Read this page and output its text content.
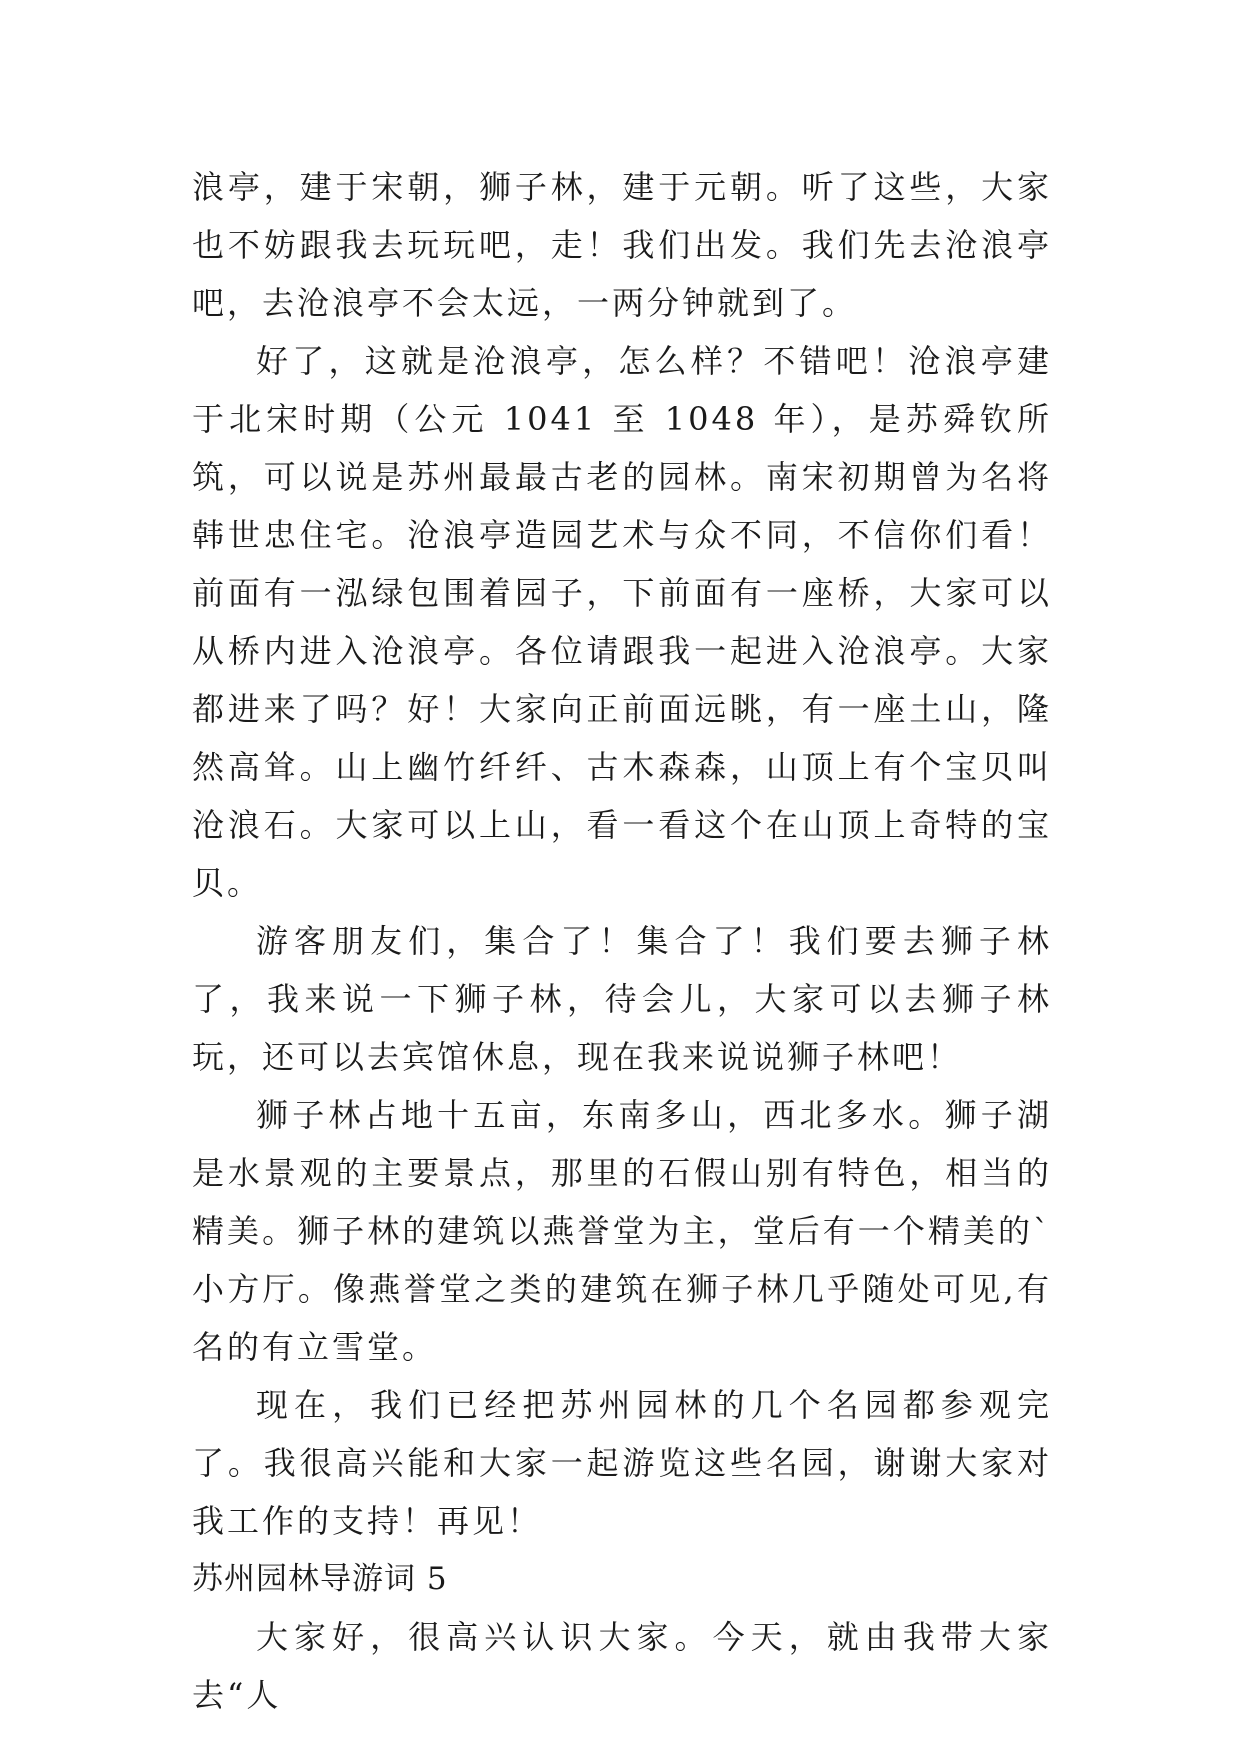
浪亭，建于宋朝，狮子林，建于元朝。听了这些，大家也不妨跟我去玩玩吧，走！我们出发。我们先去沧浪亭吧，去沧浪亭不会太远，一两分钟就到了。

好了，这就是沧浪亭，怎么样？不错吧！沧浪亭建于北宋时期（公元 1041 至 1048 年），是苏舜钦所筑，可以说是苏州最最古老的园林。南宋初期曾为名将韩世忠住宅。沧浪亭造园艺术与众不同，不信你们看！前面有一泓绿包围着园子，下前面有一座桥，大家可以从桥内进入沧浪亭。各位请跟我一起进入沧浪亭。大家都进来了吗？好！大家向正前面远眺，有一座土山，隆然高耸。山上幽竹纤纤、古木森森，山顶上有个宝贝叫沧浪石。大家可以上山，看一看这个在山顶上奇特的宝贝。

游客朋友们，集合了！集合了！我们要去狮子林了，我来说一下狮子林，待会儿，大家可以去狮子林玩，还可以去宾馆休息，现在我来说说狮子林吧！

狮子林占地十五亩，东南多山，西北多水。狮子湖是水景观的主要景点，那里的石假山别有特色，相当的精美。狮子林的建筑以燕誉堂为主，堂后有一个精美的`小方厅。像燕誉堂之类的建筑在狮子林几乎随处可见,有名的有立雪堂。

现在，我们已经把苏州园林的几个名园都参观完了。我很高兴能和大家一起游览这些名园，谢谢大家对我工作的支持！再见！

苏州园林导游词 5

大家好，很高兴认识大家。今天，就由我带大家去“人
